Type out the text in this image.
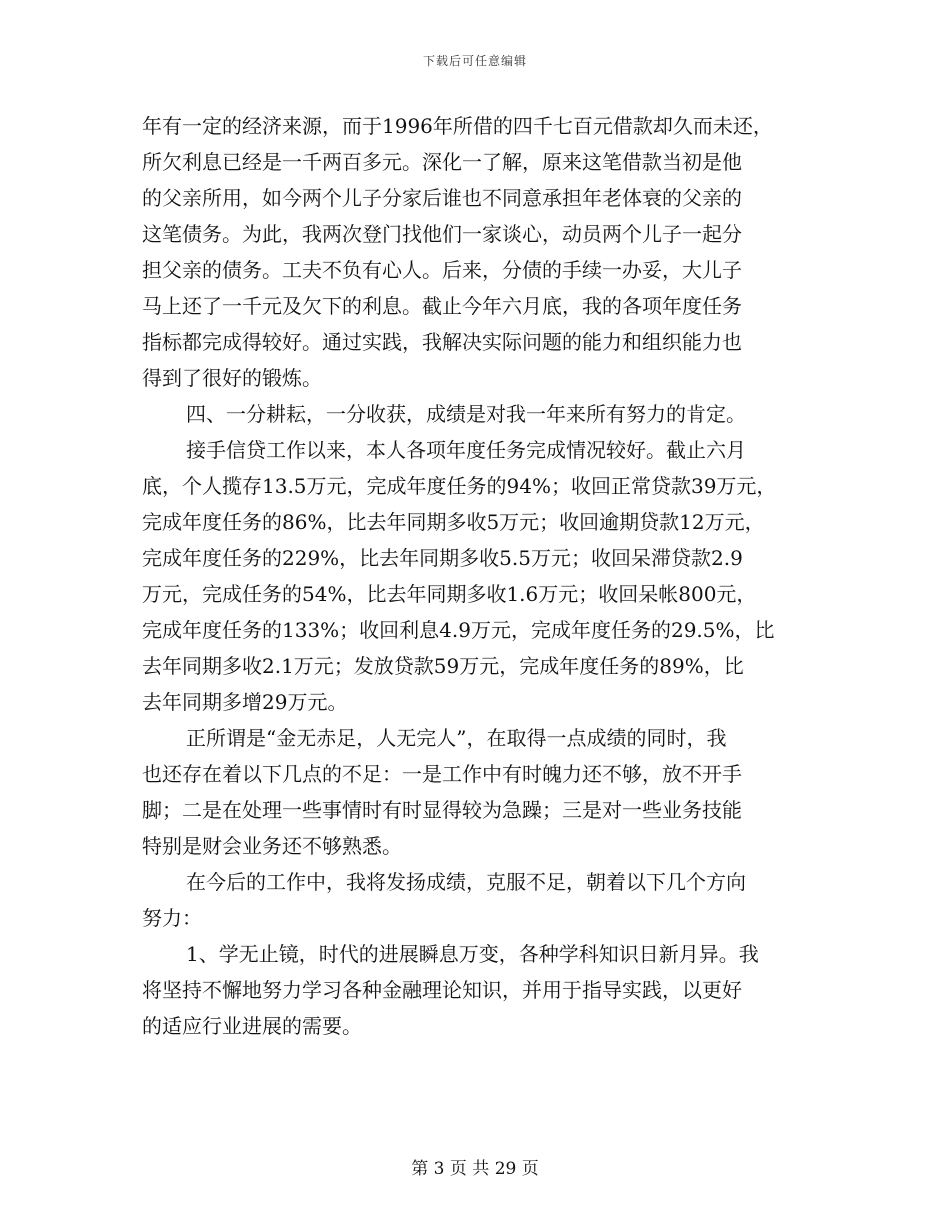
下载后可任意编辑
年有一定的经济来源，而于1996年所借的四千七百元借款却久而未还，
所欠利息已经是一千两百多元。深化一了解，原来这笔借款当初是他
的父亲所用，如今两个儿子分家后谁也不同意承担年老体衰的父亲的
这笔债务。为此，我两次登门找他们一家谈心，动员两个儿子一起分
担父亲的债务。工夫不负有心人。后来，分债的手续一办妥，大儿子
马上还了一千元及欠下的利息。截止今年六月底，我的各项年度任务
指标都完成得较好。通过实践，我解决实际问题的能力和组织能力也
得到了很好的锻炼。
四、一分耕耘，一分收获，成绩是对我一年来所有努力的肯定。
接手信贷工作以来，本人各项年度任务完成情况较好。截止六月
底，个人揽存13.5万元，完成年度任务的94%；收回正常贷款39万元，
完成年度任务的86%，比去年同期多收5万元；收回逾期贷款12万元，
完成年度任务的229%，比去年同期多收5.5万元；收回呆滞贷款2.9
万元，完成任务的54%，比去年同期多收1.6万元；收回呆帐800元，
完成年度任务的133%；收回利息4.9万元，完成年度任务的29.5%，比
去年同期多收2.1万元；发放贷款59万元，完成年度任务的89%，比
去年同期多增29万元。
正所谓是“金无赤足，人无完人”，在取得一点成绩的同时，我
也还存在着以下几点的不足：一是工作中有时魄力还不够，放不开手
脚；二是在处理一些事情时有时显得较为急躁；三是对一些业务技能
特别是财会业务还不够熟悉。
在今后的工作中，我将发扬成绩，克服不足，朝着以下几个方向
努力：
1、学无止镜，时代的进展瞬息万变，各种学科知识日新月异。我
将坚持不懈地努力学习各种金融理论知识，并用于指导实践，以更好
的适应行业进展的需要。
第 3 页 共 29 页
